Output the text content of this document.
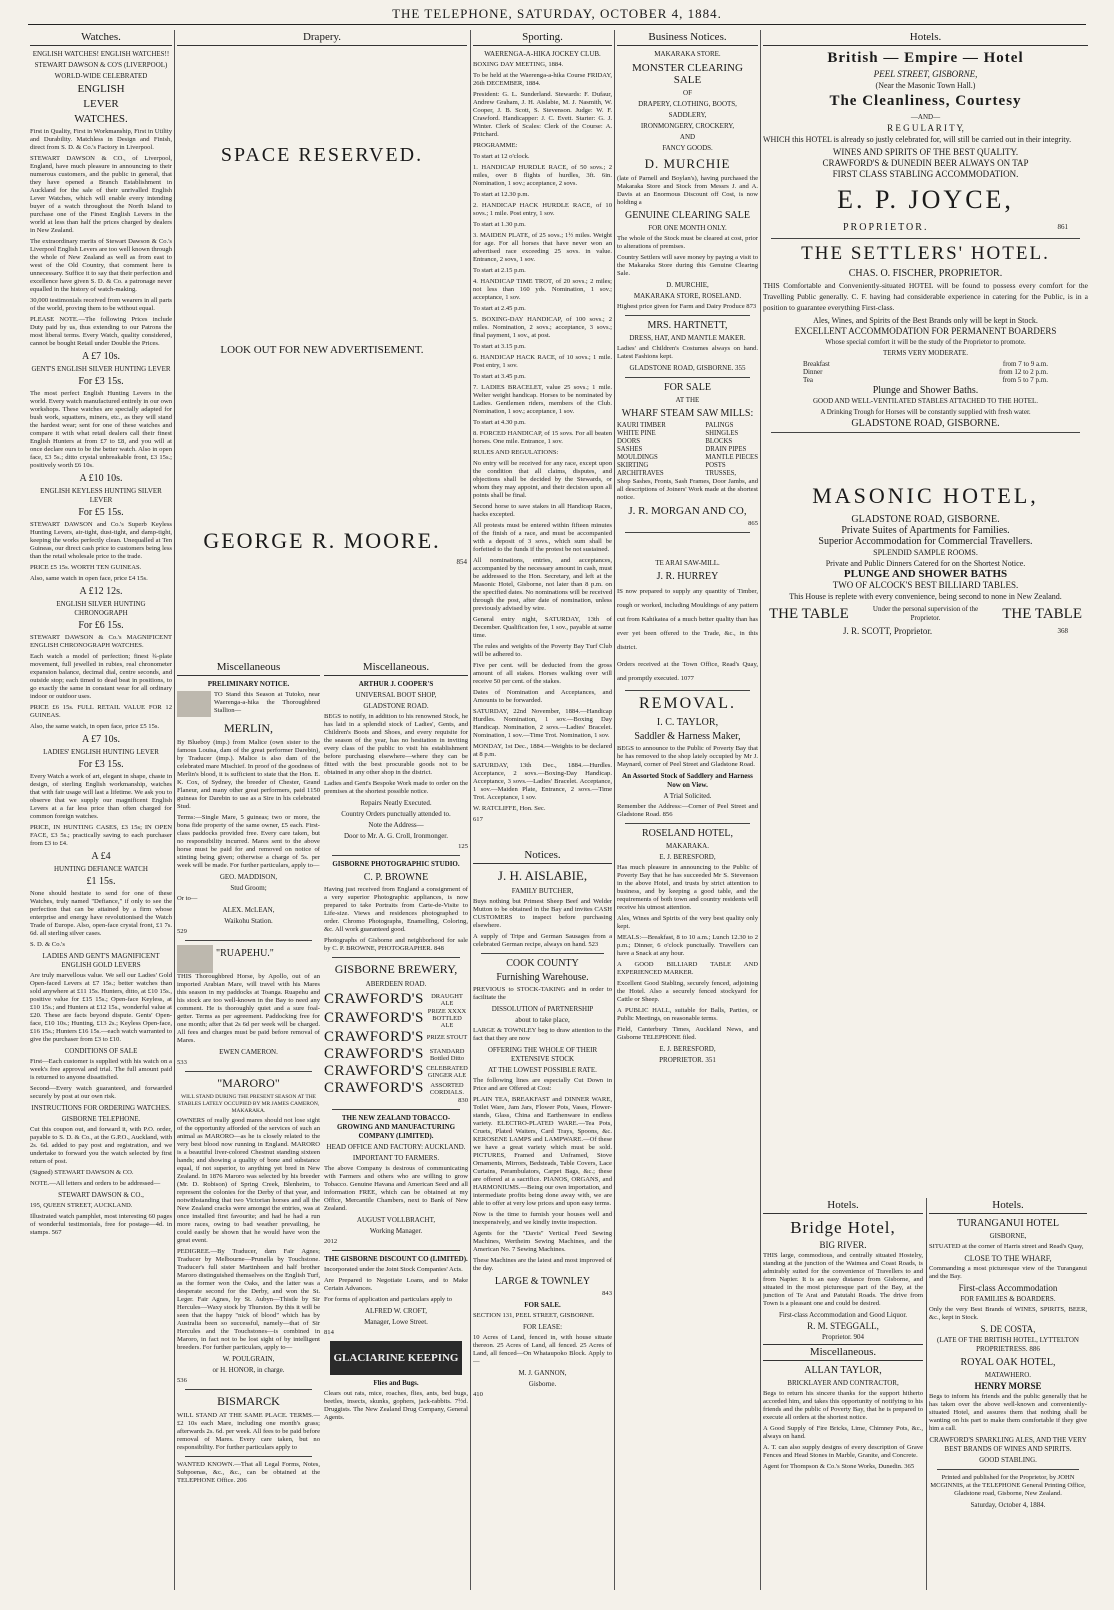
THE TELEPHONE, SATURDAY, OCTOBER 4, 1884.
Watches.
ENGLISH WATCHES! ENGLISH WATCHES!!
STEWART DAWSON & CO'S (LIVERPOOL)
WORLD-WIDE CELEBRATED
ENGLISH
LEVER
WATCHES.
First in Quality, First in Workmanship, First in Utility and Durability. Matchless in Design and Finish, direct from S. D. & Co.'s Factory in Liverpool.
STEWART DAWSON & CO., of Liverpool, England, have much pleasure in announcing to their numerous customers, and the public in general, that they have opened a Branch Establishment in Auckland for the sale of their unrivalled English Lever Watches, which will enable every intending buyer of a watch throughout the North Island to purchase one of the Finest English Levers in the world at less than half the prices charged by dealers in New Zealand.
The extraordinary merits of Stewart Dawson & Co.'s Liverpool English Levers are too well known through the whole of New Zealand as well as from east to west of the Old Country, that comment here is unnecessary. Suffice it to say that their perfection and excellence have given S. D. & Co. a patronage never equalled in the history of watch-making.
30,000 testimonials received from wearers in all parts of the world, proving them to be without equal.
PLEASE NOTE.—The following Prices include Duty paid by us, thus extending to our Patrons the most liberal terms. Every Watch, quality considered, cannot be bought Retail under Double the Prices.
A £7 10s.
GENT'S ENGLISH SILVER HUNTING LEVER
For £3 15s.
The most perfect English Hunting Levers in the world. Every watch manufactured entirely in our own workshops. These watches are specially adapted for bush work, squatters, miners, etc., as they will stand the hardest wear; sent for one of these watches and compare it with what retail dealers call their finest English Hunters at from £7 to £8, and you will at once declare ours to be the better watch. Also in open face, £3 5s.; ditto crystal unbreakable front, £3 15s.; positively worth £6 10s.
A £10 10s.
ENGLISH KEYLESS HUNTING SILVER LEVER
For £5 15s.
STEWART DAWSON and Co.'s Superb Keyless Hunting Levers, air-tight, dust-tight, and damp-tight, keeping the works perfectly clean. Unequalled at Ten Guineas, our direct cash price to customers being less than the retail wholesale price to the trade.
PRICE £5 15s. WORTH TEN GUINEAS.
Also, same watch in open face, price £4 15s.
A £12 12s.
ENGLISH SILVER HUNTING CHRONOGRAPH
For £6 15s.
STEWART DAWSON & Co.'s MAGNIFICENT ENGLISH CHRONOGRAPH WATCHES.
Each watch a model of perfection; finest ¾-plate movement, full jewelled in rubies, real chronometer expansion balance, decimal dial, centre seconds, and outside stop; each timed to dead beat in positions, to go exactly the same in constant wear for all ordinary indoor or outdoor uses.
PRICE £6 15s. FULL RETAIL VALUE FOR 12 GUINEAS.
Also, the same watch, in open face, price £5 15s.
A £7 10s.
LADIES' ENGLISH HUNTING LEVER
For £3 15s.
Every Watch a work of art, elegant in shape, chaste in design, of sterling English workmanship, watches that with fair usage will last a lifetime. We ask you to observe that we supply our magnificent English Levers at a far less price than often charged for common foreign watches.
PRICE, IN HUNTING CASES, £3 15s; IN OPEN FACE, £3 5s.; practically saving to each purchaser from £3 to £4.
A £4
HUNTING DEFIANCE WATCH
£1 15s.
None should hesitate to send for one of these Watches, truly named "Defiance," if only to see the perfection that can be attained by a firm whose enterprise and energy have revolutionised the Watch Trade of Europe. Also, open-face crystal front, £1 7s. 6d. all sterling silver cases.
S. D. & Co.'s
LADIES AND GENT'S MAGNIFICENT ENGLISH GOLD LEVERS
Are truly marvellous value. We sell our Ladies' Gold Open-faced Levers at £7 15s.; better watches than sold anywhere at £11 15s. Hunters, ditto, at £10 15s., positive value for £15 15s.; Open-face Keyless, at £10 15s.; and Hunters at £12 15s., wonderful value at £20. These are facts beyond dispute. Gents' Open-face, £10 10s.; Hunting, £13 2s.; Keyless Open-face, £16 15s.; Hunters £16 15s.—each watch warranted to give the purchaser from £3 to £10.
CONDITIONS OF SALE
First—Each customer is supplied with his watch on a week's free approval and trial. The full amount paid is returned to anyone dissatisfied.
Second—Every watch guaranteed, and forwarded securely by post at our own risk.
INSTRUCTIONS FOR ORDERING WATCHES.
GISBORNE TELEPHONE.
Cut this coupon out, and forward it, with P.O. order, payable to S. D. & Co., at the G.P.O., Auckland, with 2s. 6d. added to pay post and registration, and we undertake to forward you the watch selected by first return of post.
(Signed) STEWART DAWSON & CO.
NOTE.—All letters and orders to be addressed—
STEWART DAWSON & CO.,
195, QUEEN STREET, AUCKLAND.
Illustrated watch pamphlet, most interesting 60 pages of wonderful testimonials, free for postage—4d. in stamps. 567
Drapery.
SPACE RESERVED.
LOOK OUT FOR NEW ADVERTISEMENT.
GEORGE R. MOORE.
854
Sporting.
WAERENGA-A-HIKA JOCKEY CLUB.
BOXING DAY MEETING, 1884.
To be held at the Waerenga-a-hika Course FRIDAY, 26th DECEMBER, 1884.
President: G. L. Sunderland. Stewards: F. Dufaur, Andrew Graham, J. H. Aislabie, M. J. Nasmith, W. Cooper, J. B. Scott, S. Stevenson. Judge: W. F. Crawford. Handicapper: J. C. Evett. Starter: G. J. Winter. Clerk of Scales: Clerk of the Course: A. Pritchard.
PROGRAMME:
To start at 12 o'clock.
1. HANDICAP HURDLE RACE, of 50 sovs.; 2 miles, over 8 flights of hurdles, 3ft. 6in. Nomination, 1 sov.; acceptance, 2 sovs.
To start at 12.30 p.m.
2. HANDICAP HACK HURDLE RACE, of 10 sovs.; 1 mile. Post entry, 1 sov.
To start at 1.30 p.m.
3. MAIDEN PLATE, of 25 sovs.; 1½ miles. Weight for age. For all horses that have never won an advertised race exceeding 25 sovs. in value. Entrance, 2 sovs, 1 sov.
To start at 2.15 p.m.
4. HANDICAP TIME TROT, of 20 sovs.; 2 miles; not less than 160 yds. Nomination, 1 sov.; acceptance, 1 sov.
To start at 2.45 p.m.
5. BOXING-DAY HANDICAP, of 100 sovs.; 2 miles. Nomination, 2 sovs.; acceptance, 3 sovs.; final payment, 1 sov., at post.
To start at 3.15 p.m.
6. HANDICAP HACK RACE, of 10 sovs.; 1 mile. Post entry, 1 sov.
To start at 3.45 p.m.
7. LADIES BRACELET, value 25 sovs.; 1 mile. Welter weight handicap. Horses to be nominated by Ladies. Gentlemen riders, members of the Club. Nomination, 1 sov.; acceptance, 1 sov.
To start at 4.30 p.m.
8. FORCED HANDICAP, of 15 sovs. For all beaten horses. One mile. Entrance, 1 sov.
RULES AND REGULATIONS:
No entry will be received for any race, except upon the condition that all claims, disputes, and objections shall be decided by the Stewards, or whom they may appoint, and their decision upon all points shall be final.
Second horse to save stakes in all Handicap Races, hacks excepted.
All protests must be entered within fifteen minutes of the finish of a race, and must be accompanied with a deposit of 3 sovs., which sum shall be forfeited to the funds if the protest be not sustained.
All nominations, entries, and acceptances, accompanied by the necessary amount in cash, must be addressed to the Hon. Secretary, and left at the Masonic Hotel, Gisborne, not later than 8 p.m. on the specified dates. No nominations will be received through the post, after date of nomination, unless previously advised by wire.
General entry night, SATURDAY, 13th of December. Qualification fee, 1 sov., payable at same time.
The rules and weights of the Poverty Bay Turf Club will be adhered to.
Five per cent. will be deducted from the gross amount of all stakes. Horses walking over will receive 50 per cent. of the stakes.
Dates of Nomination and Acceptances, and Amounts to be forwarded.
SATURDAY, 22nd November, 1884.—Handicap Hurdles. Nomination, 1 sov.—Boxing Day Handicap. Nomination, 2 sovs.—Ladies' Bracelet. Nomination, 1 sov.—Time Trot. Nomination, 1 sov.
MONDAY, 1st Dec., 1884.—Weights to be declared at 8 p.m.
SATURDAY, 13th Dec., 1884.—Hurdles. Acceptance, 2 sovs.—Boxing-Day Handicap. Acceptance, 3 sovs.—Ladies' Bracelet. Acceptance, 1 sov.—Maiden Plate, Entrance, 2 sovs.—Time Trot. Acceptance, 1 sov.
W. RATCLIFFE, Hon. Sec.
617
Miscellaneous
PRELIMINARY NOTICE.
TO Stand this Season at Tutoko, near Waerenga-a-hika the Thoroughbred Stallion—
MERLIN,
By Blueboy (imp.) from Malice (own sister to the famous Louisa, dam of the great performer Darebin), by Traducer (imp.). Malice is also dam of the celebrated mare Mischief. In proof of the goodness of Merlin's blood, it is sufficient to state that the Hon. E. K. Cox, of Sydney, the breeder of Chester, Grand Flaneur, and many other great performers, paid 1150 guineas for Darebin to use as a Sire in his celebrated Stud.
Terms:—Single Mare, 5 guineas; two or more, the bona fide property of the same owner, £5 each. First-class paddocks provided free. Every care taken, but no responsibility incurred. Mares sent to the above horse must be paid for and removed on notice of stinting being given; otherwise a charge of 5s. per week will be made. For further particulars, apply to—
GEO. MADDISON,
Stud Groom;
Or to—
ALEX. McLEAN,
Waikohu Station.
529
"RUAPEHU."
THIS Thoroughbred Horse, by Apollo, out of an imported Arabian Mare, will travel with his Mares this season in my paddocks at Toanga. Ruapehu and his stock are too well-known in the Bay to need any comment. He is thoroughly quiet and a sure foal-getter. Terms as per agreement. Paddocking free for one month; after that 2s 6d per week will be charged. All fees and charges must be paid before removal of Mares.
EWEN CAMERON.
533
"MARORO"
WILL STAND DURING THE PRESENT SEASON AT THE STABLES LATELY OCCUPIED BY MR JAMES CAMERON, MAKARAKA.
OWNERS of really good mares should not lose sight of the opportunity afforded of the services of such an animal as MARORO—as he is closely related to the very best blood now running in England. MARORO is a beautiful liver-colored Chestnut standing sixteen hands; and showing a quality of bone and substance equal, if not superior, to anything yet bred in New Zealand. In 1876 Maroro was selected by his breeder (Mr. D. Robison) of Spring Creek, Blenheim, to represent the colonies for the Derby of that year, and notwithstanding that two Victorian horses and all the New Zealand cracks were amongst the entries, was at once installed first favourite; and had he had a run more races, owing to bad weather prevailing, he could easily be shown that he would have won the great event.
PEDIGREE.—By Traducer, dam Fair Agnes; Traducer by Melbourne—Prunella by Touchstone. Traducer's full sister Martinheen and half brother Maroro distinguished themselves on the English Turf, as the former won the Oaks, and the latter was a desperate second for the Derby, and won the St. Leger. Fair Agnes, by St. Aubyn—Thistle by Sir Hercules—Waxy stock by Thurston. By this it will be seen that the happy "nick of blood" which has by Australia been so successful, namely—that of Sir Hercules and the Touchstones—is combined in Maroro, in fact not to be lost sight of by intelligent breeders. For further particulars, apply to—
W. POULGRAIN,
or H. HONOR, in charge.
536
BISMARCK
WILL STAND AT THE SAME PLACE. TERMS.—£2 10s each Mare, including one month's grass; afterwards 2s. 6d. per week. All fees to be paid before removal of Mares. Every care taken, but no responsibility. For further particulars apply to
WANTED KNOWN.—That all Legal Forms, Notes, Subpoenas, &c., &c., can be obtained at the TELEPHONE Office. 206
Miscellaneous.
ARTHUR J. COOPER'S
UNIVERSAL BOOT SHOP,
GLADSTONE ROAD.
BEGS to notify, in addition to his renowned Stock, he has laid in a splendid stock of Ladies', Gents, and Children's Boots and Shoes, and every requisite for the season of the year, has no hesitation in inviting every class of the public to visit his establishment before purchasing elsewhere—where they can be fitted with the best procurable goods not to be obtained in any other shop in the district.
Ladies and Gent's Bespoke Work made to order on the premises at the shortest possible notice.
Repairs Neatly Executed.
Country Orders punctually attended to.
Note the Address—
Door to Mr. A. G. Croll, Ironmonger.
125
GISBORNE PHOTOGRAPHIC STUDIO.
C. P. BROWNE
Having just received from England a consignment of a very superior Photographic appliances, is now prepared to take Portraits from Carte-de-Visite to Life-size. Views and residences photographed to order. Chromo Photographs, Enamelling, Coloring, &c. All work guaranteed good.
Photographs of Gisborne and neighborhood for sale by C. P. BROWNE, PHOTOGRAPHER. 848
GISBORNE BREWERY,
ABERDEEN ROAD.
CRAWFORD'S	DRAUGHT ALE
CRAWFORD'S PRIZE XXXX BOTTLED ALE
CRAWFORD'S PRIZE STOUT
CRAWFORD'S STANDARD Bottled Ditto
CRAWFORD'S CELEBRATED GINGER ALE
CRAWFORD'S	ASSORTED CORDIALS.
830
THE NEW ZEALAND TOBACCO-GROWING AND MANUFACTURING COMPANY (LIMITED).
HEAD OFFICE AND FACTORY: AUCKLAND.
IMPORTANT TO FARMERS.
The above Company is desirous of communicating with Farmers and others who are willing to grow Tobacco. Genuine Havana and American Seed and all information FREE, which can be obtained at my Office, Mercantile Chambers, next to Bank of New Zealand.
AUGUST VOLLBRACHT,
Working Manager.
2012
THE GISBORNE DISCOUNT CO (LIMITED).
Incorporated under the Joint Stock Companies' Acts.
Are Prepared to Negotiate Loans, and to Make Certain Advances.
For forms of application and particulars apply to
ALFRED W. CROFT,
Manager, Lowe Street.
814
GLACIARINE KEEPING
Flies and Bugs.
Clears out rats, mice, roaches, flies, ants, bed bugs, beetles, insects, skunks, gophers, jack-rabbits. 7½d. Druggists. The New Zealand Drug Company, General Agents.
Notices.
J. H. AISLABIE,
FAMILY BUTCHER,
Buys nothing but Primest Sheep Beef and Welder Mutton to be obtained in the Bay and invites CASH CUSTOMERS to inspect before purchasing elsewhere.
A supply of Tripe and German Sausages from a celebrated German recipe, always on hand. 523
COOK COUNTY
Furnishing Warehouse.
PREVIOUS to STOCK-TAKING and in order to facilitate the
DISSOLUTION of PARTNERSHIP
about to take place,
LARGE & TOWNLEY beg to draw attention to the fact that they are now
OFFERING THE WHOLE OF THEIR EXTENSIVE STOCK
AT THE LOWEST POSSIBLE RATE.
The following lines are especially Cut Down in Price and are Offered at Cost:
PLAIN TEA, BREAKFAST and DINNER WARE, Toilet Ware, Jam Jars, Flower Pots, Vases, Flower-stands, Glass, China and Earthenware in endless variety. ELECTRO-PLATED WARE.—Tea Pots, Cruets, Plated Waiters, Card Trays, Spoons, &c. KEROSENE LAMPS and LAMPWARE.—Of these we have a great variety which must be sold. PICTURES, Framed and Unframed, Stove Ornaments, Mirrors, Bedsteads, Table Covers, Lace Curtains, Perambulators, Carpet Bags, &c.; these are offered at a sacrifice. PIANOS, ORGANS, and HARMONIUMS.—Being our own importation, and intermediate profits being done away with, we are able to offer at very low prices and upon easy terms.
Now is the time to furnish your houses well and inexpensively, and we kindly invite inspection.
Agents for the "Davis" Vertical Feed Sewing Machines, Wertheim Sewing Machines, and the American No. 7 Sewing Machines.
These Machines are the latest and most improved of the day.
LARGE & TOWNLEY
843
FOR SALE.
SECTION 131, PEEL STREET, GISBORNE.
FOR LEASE:
10 Acres of Land, fenced in, with house situate thereon. 25 Acres of Land, all fenced. 25 Acres of Land, all fenced—On Whataupoko Block. Apply to—
M. J. GANNON,
Gisborne.
410
Business Notices.
MAKARAKA STORE.
MONSTER CLEARING SALE
OF
DRAPERY, CLOTHING, BOOTS,
SADDLERY,
IRONMONGERY, CROCKERY,
AND
FANCY GOODS.
D. MURCHIE
(late of Parnell and Boylan's), having purchased the Makaraka Store and Stock from Messrs J. and A. Davis at an Enormous Discount off Cost, is now holding a
GENUINE CLEARING SALE
FOR ONE MONTH ONLY.
The whole of the Stock must be cleared at cost, prior to alterations of premises.
Country Settlers will save money by paying a visit to the Makaraka Store during this Genuine Clearing Sale.
D. MURCHIE,
MAKARAKA STORE, ROSELAND.
Highest price given for Farm and Dairy Produce 873
MRS. HARTNETT,
DRESS, HAT, AND MANTLE MAKER.
Ladies' and Children's Costumes always on hand. Latest Fashions kept.
GLADSTONE ROAD, GISBORNE. 355
FOR SALE
AT THE
WHARF STEAM SAW MILLS:
KAURI TIMBER
WHITE PINE
DOORS
SASHES
MOULDINGS
SKIRTING
ARCHITRAVES
PALINGS
SHINGLES
BLOCKS
DRAIN PIPES
MANTLE PIECES
POSTS
TRUSSES,
Shop Sashes, Fronts, Sash Frames, Door Jambs, and all descriptions of Joiners' Work made at the shortest notice.
J. R. MORGAN AND CO,
865
TE ARAI SAW-MILL.
J. R. HURREY
IS now prepared to supply any quantity of Timber, rough or worked, including Mouldings of any pattern cut from Kahikatea of a much better quality than has ever yet been offered to the Trade, &c., in this district.
Orders received at the Town Office, Read's Quay, and promptly executed. 1077
REMOVAL.
I. C. TAYLOR,
Saddler & Harness Maker,
BEGS to announce to the Public of Poverty Bay that he has removed to the shop lately occupied by Mr J. Maynard, corner of Peel Street and Gladstone Road.
An Assorted Stock of Saddlery and Harness Now on View.
A Trial Solicited.
Remember the Address:—Corner of Peel Street and Gladstone Road. 856
ROSELAND HOTEL,
MAKARAKA.
E. J. BERESFORD,
Has much pleasure in announcing to the Public of Poverty Bay that he has succeeded Mr S. Stevenson in the above Hotel, and trusts by strict attention to business, and by keeping a good table, and the requirements of both town and country residents will receive his utmost attention.
Ales, Wines and Spirits of the very best quality only kept.
MEALS:—Breakfast, 8 to 10 a.m.; Lunch 12.30 to 2 p.m.; Dinner, 6 o'clock punctually. Travellers can have a Snack at any hour.
A GOOD BILLIARD TABLE AND EXPERIENCED MARKER.
Excellent Good Stabling, securely fenced, adjoining the Hotel. Also a securely fenced stockyard for Cattle or Sheep.
A PUBLIC HALL, suitable for Balls, Parties, or Public Meetings, on reasonable terms.
Field, Canterbury Times, Auckland News, and Gisborne TELEPHONE filed.
E. J. BERESFORD,
PROPRIETOR. 351
Hotels.
British — Empire — Hotel
PEEL STREET, GISBORNE,
(Near the Masonic Town Hall.)
The Cleanliness, Courtesy
—AND—
R E G U L A R I T Y,
WHICH this HOTEL is already so justly celebrated for, will still be carried out in their integrity.
WINES AND SPIRITS OF THE BEST QUALITY.
CRAWFORD'S & DUNEDIN BEER ALWAYS ON TAP
FIRST CLASS STABLING ACCOMMODATION.
E. P. JOYCE,
PROPRIETOR.	861
THE SETTLERS' HOTEL.
CHAS. O. FISCHER, PROPRIETOR.
THIS Comfortable and Conveniently-situated HOTEL will be found to possess every comfort for the Travelling Public generally. C. F. having had considerable experience in catering for the Public, is in a position to guarantee everything First-class.
Ales, Wines, and Spirits of the Best Brands only will be kept in Stock.
EXCELLENT ACCOMMODATION FOR PERMANENT BOARDERS
Whose special comfort it will be the study of the Proprietor to promote.
TERMS VERY MODERATE.
Breakfast	from 7 to 9 a.m.
Dinner	from 12 to 2 p.m.
Tea	from 5 to 7 p.m.
Plunge and Shower Baths.
GOOD AND WELL-VENTILATED STABLES ATTACHED TO THE HOTEL.
A Drinking Trough for Horses will be constantly supplied with fresh water.
GLADSTONE ROAD, GISBORNE.
MASONIC HOTEL,
GLADSTONE ROAD, GISBORNE.
Private Suites of Apartments for Families.
Superior Accommodation for Commercial Travellers.
SPLENDID SAMPLE ROOMS.
Private and Public Dinners Catered for on the Shortest Notice.
PLUNGE AND SHOWER BATHS
TWO OF ALCOCK'S BEST BILLIARD TABLES.
This House is replete with every convenience, being second to none in New Zealand.
THE TABLE	Under the personal supervision of the Proprietor.	THE TABLE
J. R. SCOTT, Proprietor.	368
Hotels.
Bridge Hotel,
BIG RIVER.
THIS large, commodious, and centrally situated Hostelry, standing at the junction of the Waimea and Coast Roads, is admirably suited for the convenience of Travellers to and from Napier. It is an easy distance from Gisborne, and situated in the most picturesque part of the Bay, at the junction of Te Arai and Patutahi Roads. The drive from Town is a pleasant one and could be desired.
First-class Accommodation and Good Liquor.
R. M. STEGGALL,
Proprietor. 904
Miscellaneous.
ALLAN TAYLOR,
BRICKLAYER AND CONTRACTOR,
Begs to return his sincere thanks for the support hitherto accorded him, and takes this opportunity of notifying to his friends and the public of Poverty Bay, that he is prepared to execute all orders at the shortest notice.
A Good Supply of Fire Bricks, Lime, Chimney Pots, &c., always on hand.
A. T. can also supply designs of every description of Grave Fences and Head Stones in Marble, Granite, and Concrete.
Agent for Thompson & Co.'s Stone Works, Dunedin. 365
Hotels.
TURANGANUI HOTEL
GISBORNE,
SITUATED at the corner of Harris street and Read's Quay,
CLOSE TO THE WHARF,
Commanding a most picturesque view of the Turanganui and the Bay.
First-class Accommodation
FOR FAMILIES & BOARDERS.
Only the very Best Brands of WINES, SPIRITS, BEER, &c., kept in Stock.
S. DE COSTA,
(LATE OF THE BRITISH HOTEL, LYTTELTON PROPRIETRESS. 886
ROYAL OAK HOTEL,
MATAWHERO.
HENRY MORSE
Begs to inform his friends and the public generally that he has taken over the above well-known and conveniently-situated Hotel, and assures them that nothing shall be wanting on his part to make them comfortable if they give him a call.
CRAWFORD'S SPARKLING ALES, AND THE VERY BEST BRANDS OF WINES AND SPIRITS.
GOOD STABLING.
Printed and published for the Proprietor, by JOHN MCGINNIS, at the TELEPHONE General Printing Office, Gladstone road, Gisborne, New Zealand.
Saturday, October 4, 1884.
